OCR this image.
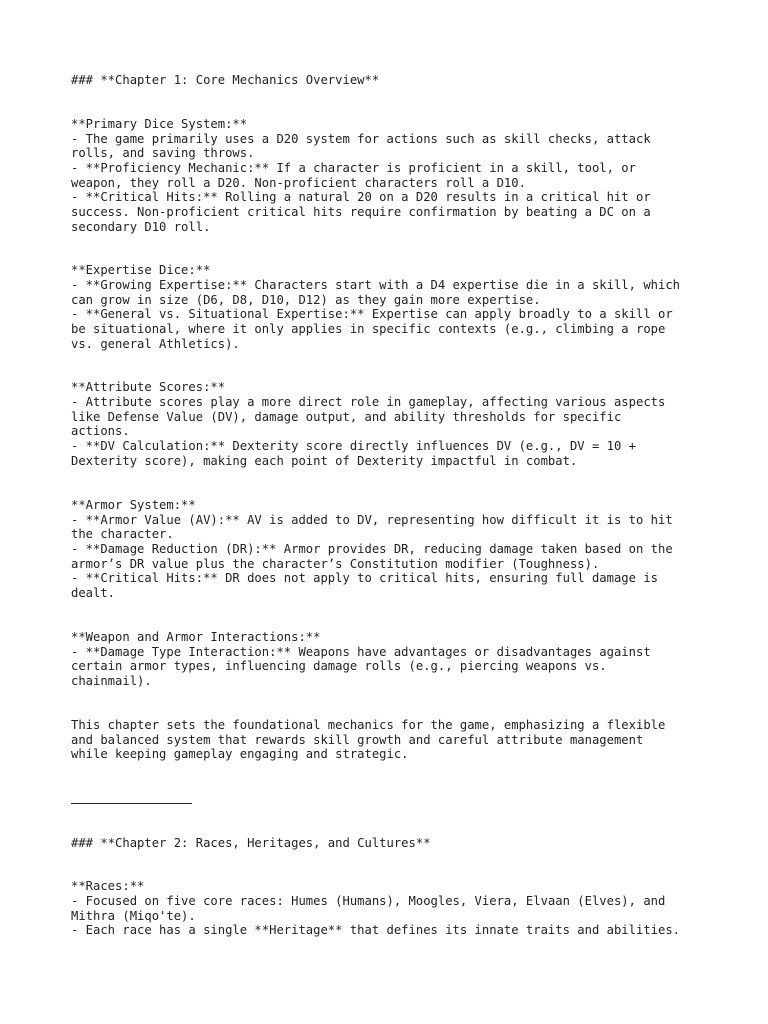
### **Chapter 1: Core Mechanics Overview**
**Primary Dice System:**
- The game primarily uses a D20 system for actions such as skill checks, attack
rolls, and saving throws.
- **Proficiency Mechanic:** If a character is proficient in a skill, tool, or
weapon, they roll a D20. Non-proficient characters roll a D10.
- **Critical Hits:** Rolling a natural 20 on a D20 results in a critical hit or
success. Non-proficient critical hits require confirmation by beating a DC on a
secondary D10 roll.
**Expertise Dice:**
- **Growing Expertise:** Characters start with a D4 expertise die in a skill, which
can grow in size (D6, D8, D10, D12) as they gain more expertise.
- **General vs. Situational Expertise:** Expertise can apply broadly to a skill or
be situational, where it only applies in specific contexts (e.g., climbing a rope
vs. general Athletics).
**Attribute Scores:**
- Attribute scores play a more direct role in gameplay, affecting various aspects
like Defense Value (DV), damage output, and ability thresholds for specific
actions.
- **DV Calculation:** Dexterity score directly influences DV (e.g., DV = 10 +
Dexterity score), making each point of Dexterity impactful in combat.
**Armor System:**
- **Armor Value (AV):** AV is added to DV, representing how difficult it is to hit
the character.
- **Damage Reduction (DR):** Armor provides DR, reducing damage taken based on the
armor’s DR value plus the character’s Constitution modifier (Toughness).
- **Critical Hits:** DR does not apply to critical hits, ensuring full damage is
dealt.
**Weapon and Armor Interactions:**
- **Damage Type Interaction:** Weapons have advantages or disadvantages against
certain armor types, influencing damage rolls (e.g., piercing weapons vs.
chainmail).
This chapter sets the foundational mechanics for the game, emphasizing a flexible
and balanced system that rewards skill growth and careful attribute management
while keeping gameplay engaging and strategic.
### **Chapter 2: Races, Heritages, and Cultures**
**Races:**
- Focused on five core races: Humes (Humans), Moogles, Viera, Elvaan (Elves), and
Mithra (Miqo'te).
- Each race has a single **Heritage** that defines its innate traits and abilities.
